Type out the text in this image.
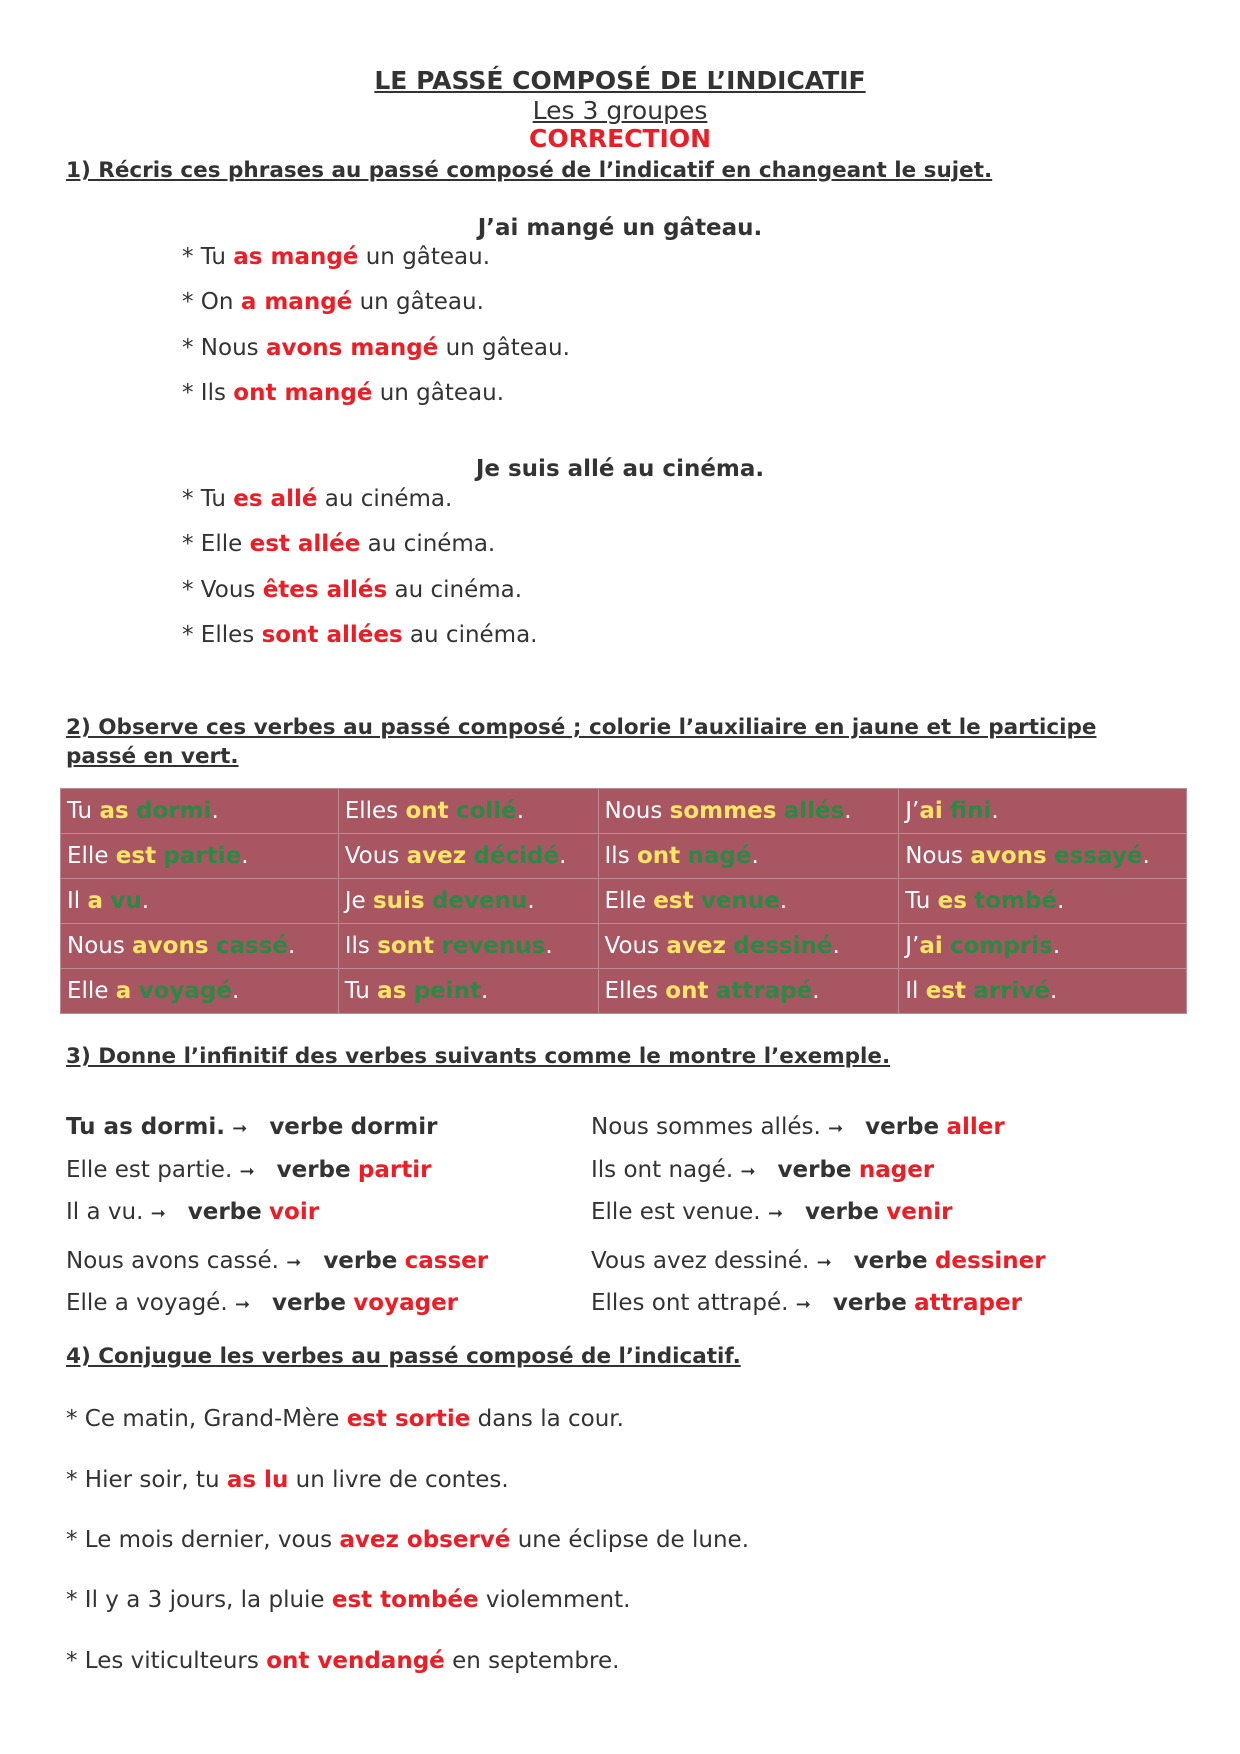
LE PASSÉ COMPOSÉ DE L’INDICATIF
Les 3 groupes
CORRECTION
1) Récris ces phrases au passé composé de l’indicatif en changeant le sujet.
J’ai mangé un gâteau.
* Tu as mangé un gâteau.
* On a mangé un gâteau.
* Nous avons mangé un gâteau.
* Ils ont mangé un gâteau.
Je suis allé au cinéma.
* Tu es allé au cinéma.
* Elle est allée au cinéma.
* Vous êtes allés au cinéma.
* Elles sont allées au cinéma.
2) Observe ces verbes au passé composé ; colorie l’auxiliaire en jaune et le participe
passé en vert.
Tu as dormi.	Elles ont collé.	Nous sommes allés.	J’ai fini.
Elle est partie.	Vous avez décidé.	Ils ont nagé.	Nous avons essayé.
Il a vu.	Je suis devenu.	Elle est venue.	Tu es tombé.
Nous avons cassé.	Ils sont revenus.	Vous avez dessiné.	J’ai compris.
Elle a voyagé.	Tu as peint.	Elles ont attrapé.	Il est arrivé.
3) Donne l’infinitif des verbes suivants comme le montre l’exemple.
Tu as dormi. ➞ verbe dormir
Elle est partie. ➞ verbe partir
Il a vu. ➞ verbe voir
Nous avons cassé. ➞ verbe casser
Elle a voyagé. ➞ verbe voyager
Nous sommes allés. ➞ verbe aller
Ils ont nagé. ➞ verbe nager
Elle est venue. ➞ verbe venir
Vous avez dessiné. ➞ verbe dessiner
Elles ont attrapé. ➞ verbe attraper
4) Conjugue les verbes au passé composé de l’indicatif.
* Ce matin, Grand-Mère est sortie dans la cour.
* Hier soir, tu as lu un livre de contes.
* Le mois dernier, vous avez observé une éclipse de lune.
* Il y a 3 jours, la pluie est tombée violemment.
* Les viticulteurs ont vendangé en septembre.
